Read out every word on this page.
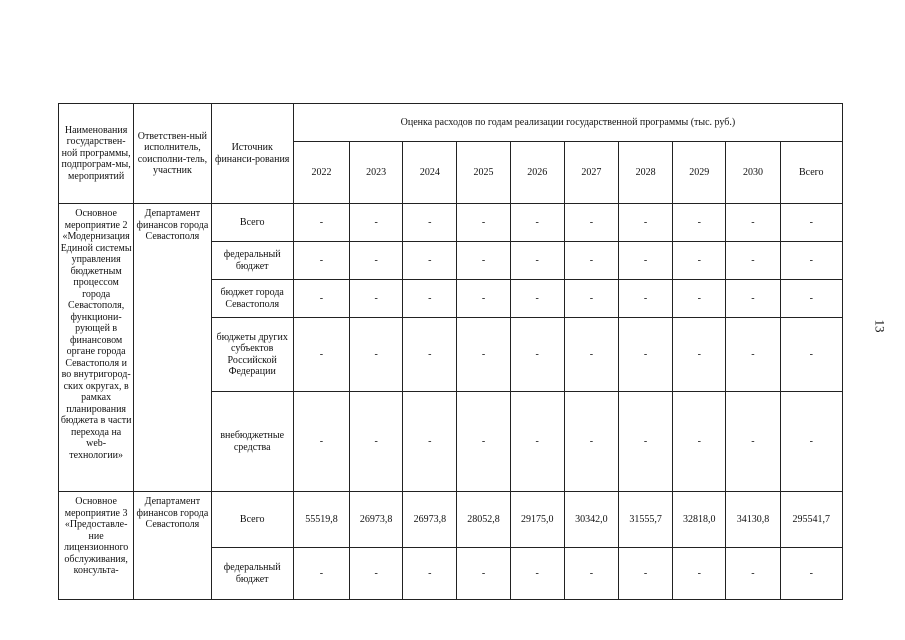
Наименования государствен-ной программы, подпрограм-мы, мероприятий	Ответствен-ный исполнитель, соисполни-тель, участник	Источник финанси-рования	Оценка расходов по годам реализации государственной программы (тыс. руб.)									
			2022	2023	2024	2025	2026	2027	2028	2029	2030	Всего
Основное мероприятие 2 «Модернизация Единой системы управления бюджетным процессом города Севастополя, функциони-рующей в финансовом органе города Севастополя и во внутригород-ских округах, в рамках планирования бюджета в части перехода на web-технологии»	Департамент финансов города Севастополя	Всего	-	-	-	-	-	-	-	-	-	-
		федеральный бюджет	-	-	-	-	-	-	-	-	-	-
		бюджет города Севастополя	-	-	-	-	-	-	-	-	-	-
		бюджеты других субъектов Российской Федерации	-	-	-	-	-	-	-	-	-	-
		внебюджетные средства	-	-	-	-	-	-	-	-	-	-
Основное мероприятие 3 «Предоставле-ние лицензионного обслуживания, консульта-	Департамент финансов города Севастополя	Всего	55519,8	26973,8	26973,8	28052,8	29175,0	30342,0	31555,7	32818,0	34130,8	295541,7
		федеральный бюджет	-	-	-	-	-	-	-	-	-	-
13
